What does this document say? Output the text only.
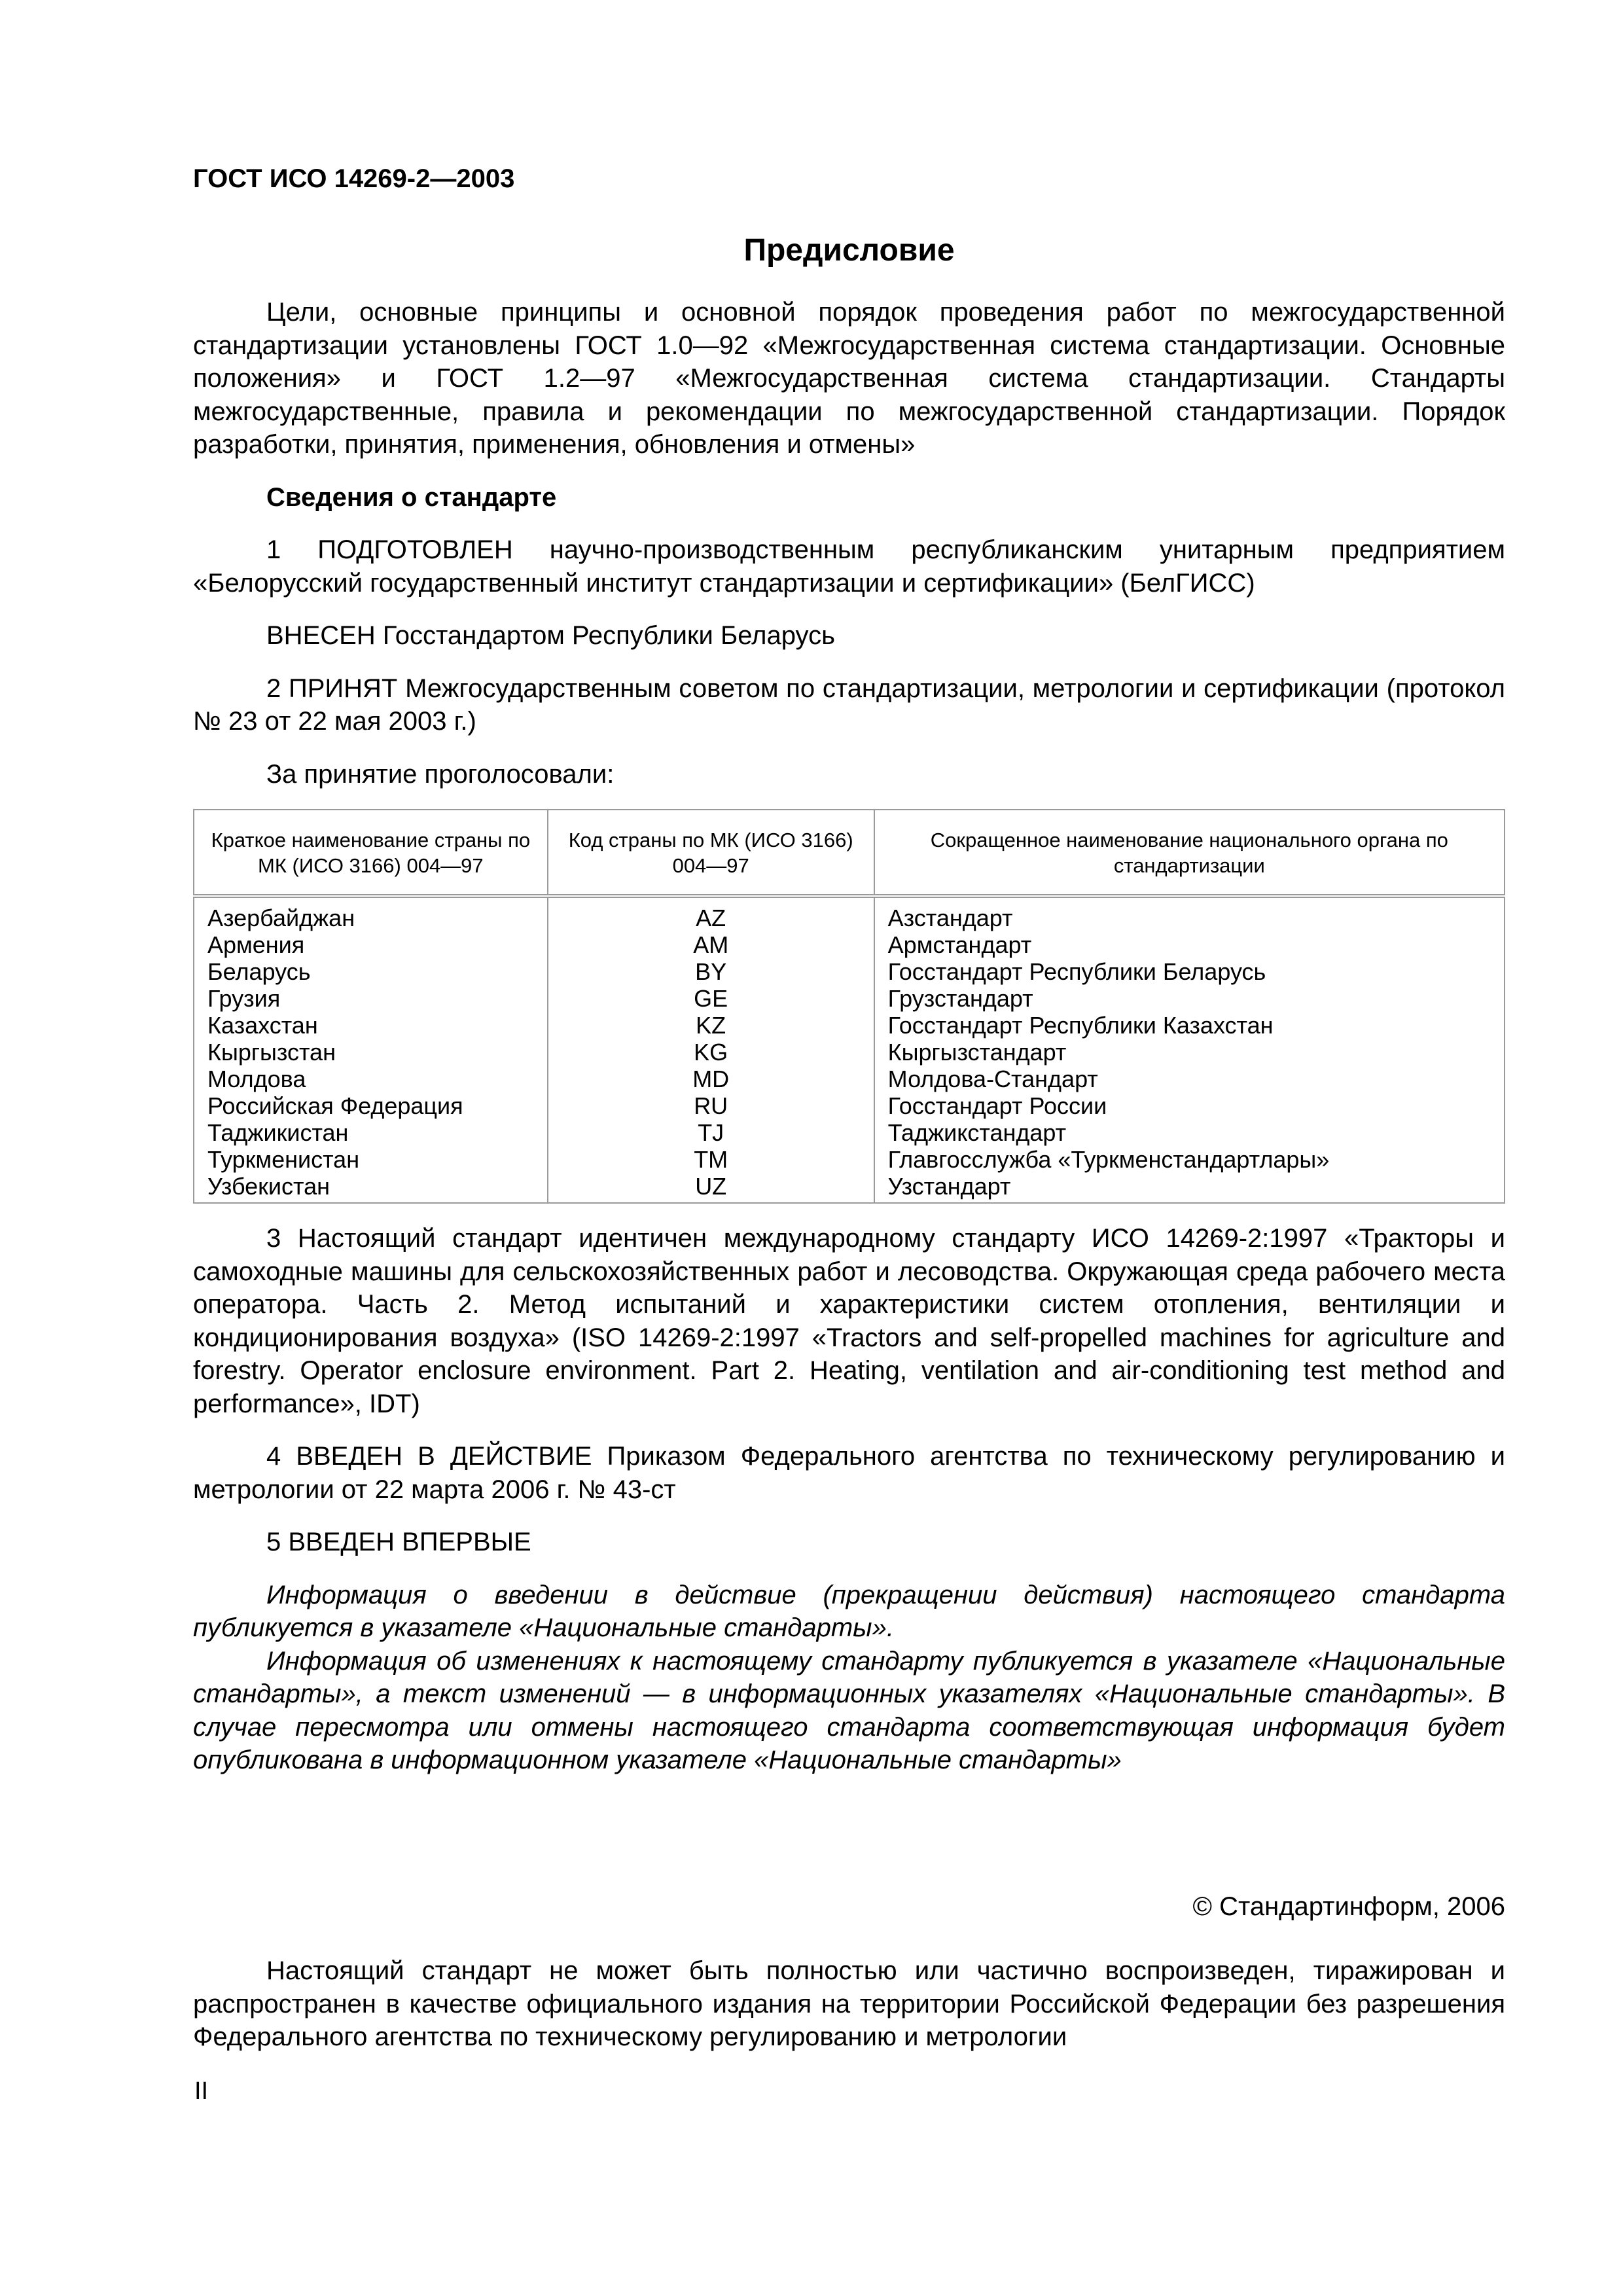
ГОСТ ИСО 14269-2—2003

Предисловие

Цели, основные принципы и основной порядок проведения работ по межгосударственной стандартизации установлены ГОСТ 1.0—92 «Межгосударственная система стандартизации. Основные положения» и ГОСТ 1.2—97 «Межгосударственная система стандартизации. Стандарты межгосударственные, правила и рекомендации по межгосударственной стандартизации. Порядок разработки, принятия, применения, обновления и отмены»

Сведения о стандарте

1 ПОДГОТОВЛЕН научно-производственным республиканским унитарным предприятием «Белорусский государственный институт стандартизации и сертификации» (БелГИСС)

ВНЕСЕН Госстандартом Республики Беларусь

2 ПРИНЯТ Межгосударственным советом по стандартизации, метрологии и сертификации (протокол № 23 от 22 мая 2003 г.)

За принятие проголосовали:

Краткое наименование страны по МК (ИСО 3166) 004—97	Код страны по МК (ИСО 3166) 004—97	Сокращенное наименование национального органа по стандартизации
Азербайджан	AZ	Азстандарт
Армения	AM	Армстандарт
Беларусь	BY	Госстандарт Республики Беларусь
Грузия	GE	Грузстандарт
Казахстан	KZ	Госстандарт Республики Казахстан
Кыргызстан	KG	Кыргызстандарт
Молдова	MD	Молдова-Стандарт
Российская Федерация	RU	Госстандарт России
Таджикистан	TJ	Таджикстандарт
Туркменистан	TM	Главгосслужба «Туркменстандартлары»
Узбекистан	UZ	Узстандарт

3 Настоящий стандарт идентичен международному стандарту ИСО 14269-2:1997 «Тракторы и самоходные машины для сельскохозяйственных работ и лесоводства. Окружающая среда рабочего места оператора. Часть 2. Метод испытаний и характеристики систем отопления, вентиляции и кондиционирования воздуха» (ISO 14269-2:1997 «Tractors and self-propelled machines for agriculture and forestry. Operator enclosure environment. Part 2. Heating, ventilation and air-conditioning test method and performance», IDT)

4 ВВЕДЕН В ДЕЙСТВИЕ Приказом Федерального агентства по техническому регулированию и метрологии от 22 марта 2006 г. № 43-ст

5 ВВЕДЕН ВПЕРВЫЕ

Информация о введении в действие (прекращении действия) настоящего стандарта публикуется в указателе «Национальные стандарты».

Информация об изменениях к настоящему стандарту публикуется в указателе «Национальные стандарты», а текст изменений — в информационных указателях «Национальные стандарты». В случае пересмотра или отмены настоящего стандарта соответствующая информация будет опубликована в информационном указателе «Национальные стандарты»

© Стандартинформ, 2006

Настоящий стандарт не может быть полностью или частично воспроизведен, тиражирован и распространен в качестве официального издания на территории Российской Федерации без разрешения Федерального агентства по техническому регулированию и метрологии

II
